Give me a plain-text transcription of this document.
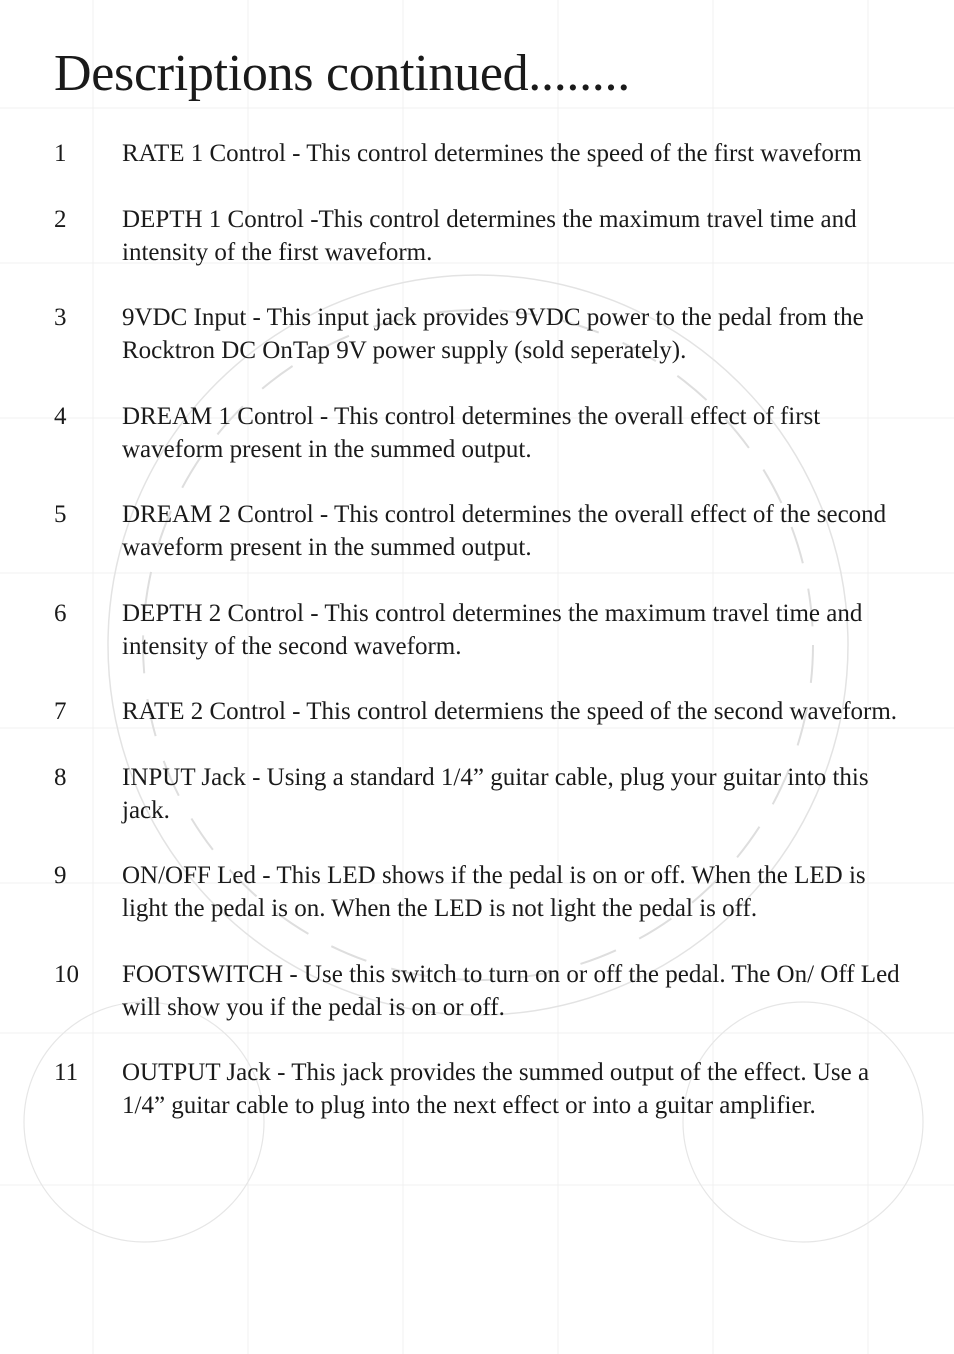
Descriptions continued........
1	RATE 1 Control - This control determines the speed of the first waveform
2	DEPTH 1 Control -This control determines the maximum travel time and intensity of the first waveform.
3	9VDC Input - This input jack provides 9VDC power to the pedal from the Rocktron DC OnTap 9V power supply (sold seperately).
4	DREAM 1 Control - This control determines the overall effect of first waveform present in the summed output.
5	DREAM 2 Control - This control determines the overall effect of the second waveform present in the summed output.
6	DEPTH 2 Control - This control determines the maximum travel time and intensity of the second waveform.
7	RATE 2 Control - This control determiens the speed of the second waveform.
8	INPUT Jack - Using a standard 1/4” guitar cable, plug your guitar into this jack.
9	ON/OFF Led - This LED shows if the pedal is on or off. When the LED is light the pedal is on. When the LED is not light the pedal is off.
10	FOOTSWITCH - Use this switch to turn on or off the pedal. The On/ Off Led will show you if the pedal is on or off.
11	OUTPUT Jack - This jack provides the summed output of the effect. Use a 1/4” guitar cable to plug into the next effect or into a guitar amplifier.
